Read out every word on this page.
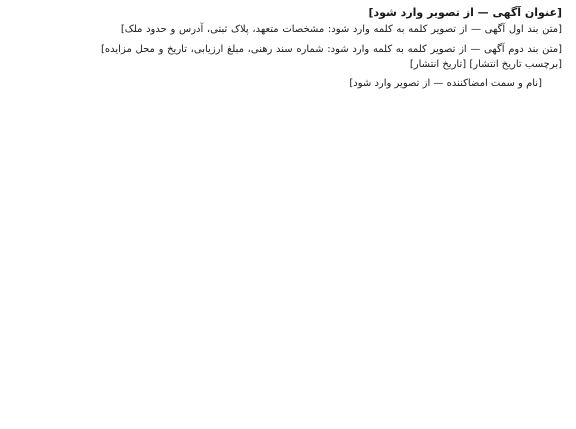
[عنوان آگهی — از تصویر وارد شود]

[متن بند اول آگهی — از تصویر کلمه به کلمه وارد شود: مشخصات متعهد، پلاک ثبتی، آدرس و حدود ملک]

[متن بند دوم آگهی — از تصویر کلمه به کلمه وارد شود: شماره سند رهنی، مبلغ ارزیابی، تاریخ و محل مزایده]

[برچسب تاریخ انتشار] [تاریخ انتشار]
[نام و سمت امضاکننده — از تصویر وارد شود]
